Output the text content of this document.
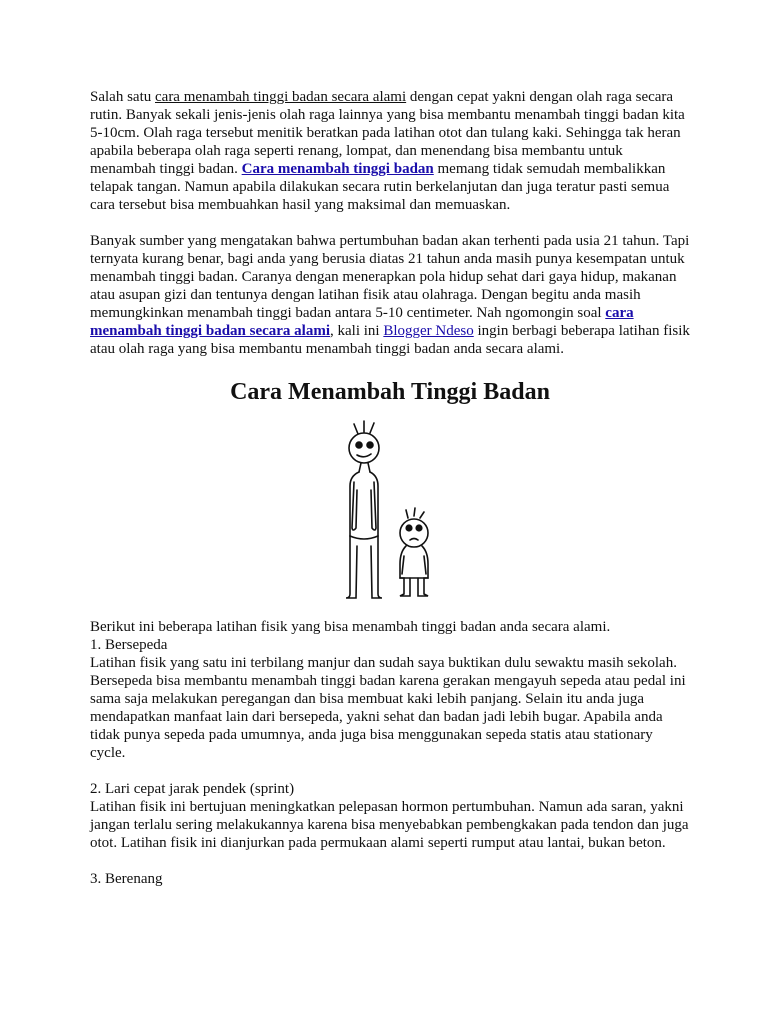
Salah satu cara menambah tinggi badan secara alami dengan cepat yakni dengan olah raga secara rutin. Banyak sekali jenis-jenis olah raga lainnya yang bisa membantu menambah tinggi badan kita 5-10cm. Olah raga tersebut menitik beratkan pada latihan otot dan tulang kaki. Sehingga tak heran apabila beberapa olah raga seperti renang, lompat, dan menendang bisa membantu untuk menambah tinggi badan. Cara menambah tinggi badan memang tidak semudah membalikkan telapak tangan. Namun apabila dilakukan secara rutin berkelanjutan dan juga teratur pasti semua cara tersebut bisa membuahkan hasil yang maksimal dan memuaskan.

Banyak sumber yang mengatakan bahwa pertumbuhan badan akan terhenti pada usia 21 tahun. Tapi ternyata kurang benar, bagi anda yang berusia diatas 21 tahun anda masih punya kesempatan untuk menambah tinggi badan. Caranya dengan menerapkan pola hidup sehat dari gaya hidup, makanan atau asupan gizi dan tentunya dengan latihan fisik atau olahraga. Dengan begitu anda masih memungkinkan menambah tinggi badan antara 5-10 centimeter. Nah ngomongin soal cara menambah tinggi badan secara alami, kali ini Blogger Ndeso ingin berbagi beberapa latihan fisik atau olah raga yang bisa membantu menambah tinggi badan anda secara alami.

Cara Menambah Tinggi Badan

Berikut ini beberapa latihan fisik yang bisa menambah tinggi badan anda secara alami.

1. Bersepeda

Latihan fisik yang satu ini terbilang manjur dan sudah saya buktikan dulu sewaktu masih sekolah. Bersepeda bisa membantu menambah tinggi badan karena gerakan mengayuh sepeda atau pedal ini sama saja melakukan peregangan dan bisa membuat kaki lebih panjang. Selain itu anda juga mendapatkan manfaat lain dari bersepeda, yakni sehat dan badan jadi lebih bugar. Apabila anda tidak punya sepeda pada umumnya, anda juga bisa menggunakan sepeda statis atau stationary cycle.

2. Lari cepat jarak pendek (sprint)

Latihan fisik ini bertujuan meningkatkan pelepasan hormon pertumbuhan. Namun ada saran, yakni jangan terlalu sering melakukannya karena bisa menyebabkan pembengkakan pada tendon dan juga otot. Latihan fisik ini dianjurkan pada permukaan alami seperti rumput atau lantai, bukan beton.

3. Berenang
